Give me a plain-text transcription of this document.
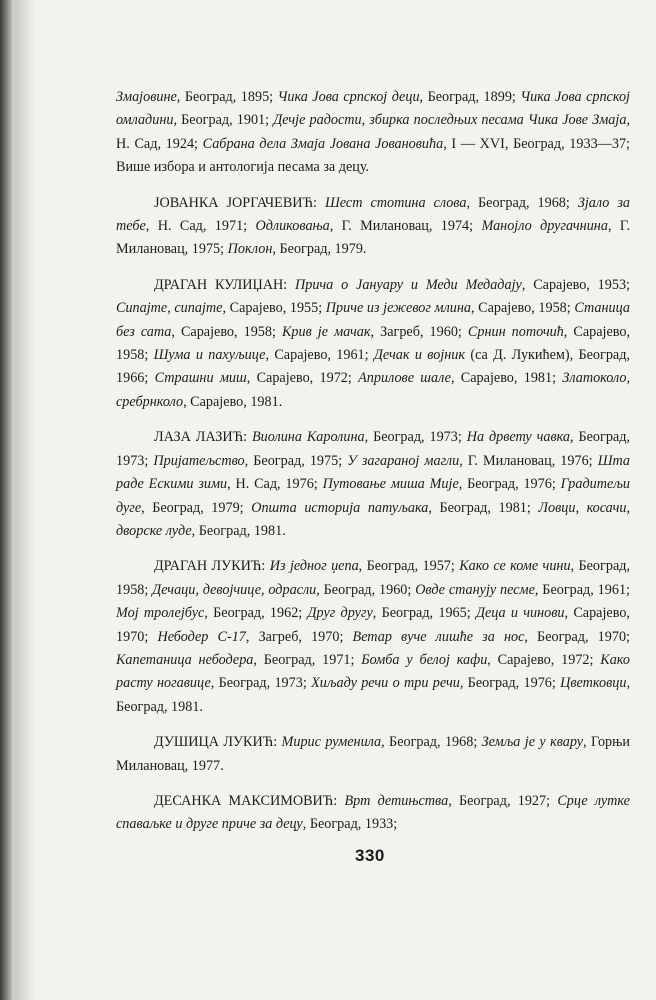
Змајовине, Београд, 1895; Чика Јова српској деци, Београд, 1899; Чика Јова српској омладини, Београд, 1901; Дечје радости, збирка последњих песама Чика Јове Змаја, Н. Сад, 1924; Сабрана дела Змаја Јована Јовановића, I — XVI, Београд, 1933—37; Више избора и антологија песама за децу.

ЈОВАНКА ЈОРГАЧЕВИЋ: Шест стотина слова, Београд, 1968; Зјало за тебе, Н. Сад, 1971; Одликовања, Г. Милановац, 1974; Манојло другачнина, Г. Милановац, 1975; Поклон, Београд, 1979.

ДРАГАН КУЛИЏАН: Прича о Јануару и Меди Медадају, Сарајево, 1953; Сипајте, сипајте, Сарајево, 1955; Приче из јежевог млина, Сарајево, 1958; Станица без сата, Сарајево, 1958; Крив је мачак, Загреб, 1960; Срнин поточић, Сарајево, 1958; Шума и пахуљице, Сарајево, 1961; Дечак и војник (са Д. Лукићем), Београд, 1966; Страшни миш, Сарајево, 1972; Априлове шале, Сарајево, 1981; Златоколо, сребрнколо, Сарајево, 1981.

ЛАЗА ЛАЗИЋ: Виолина Каролина, Београд, 1973; На дрвету чавка, Београд, 1973; Пријатељство, Београд, 1975; У загараној магли, Г. Милановац, 1976; Шта раде Ескими зими, Н. Сад, 1976; Путовање миша Мије, Београд, 1976; Градитељи дуге, Београд, 1979; Општа историја патуљака, Београд, 1981; Ловци, косачи, дворске луде, Београд, 1981.

ДРАГАН ЛУКИЋ: Из једног џепа, Београд, 1957; Како се коме чини, Београд, 1958; Дечаци, девојчице, одрасли, Београд, 1960; Овде станују песме, Београд, 1961; Мој тролејбус, Београд, 1962; Друг другу, Београд, 1965; Деца и чинови, Сарајево, 1970; Небодер С-17, Загреб, 1970; Ветар вуче лишће за нос, Београд, 1970; Капетаница небодера, Београд, 1971; Бомба у белој кафи, Сарајево, 1972; Како расту ногавице, Београд, 1973; Хиљаду речи о три речи, Београд, 1976; Цветковци, Београд, 1981.

ДУШИЦА ЛУКИЋ: Мирис руменила, Београд, 1968; Земља је у квару, Горњи Милановац, 1977.

ДЕСАНКА МАКСИМОВИЋ: Врт детињства, Београд, 1927; Срце лутке спаваљке и друге приче за децу, Београд, 1933;

330
